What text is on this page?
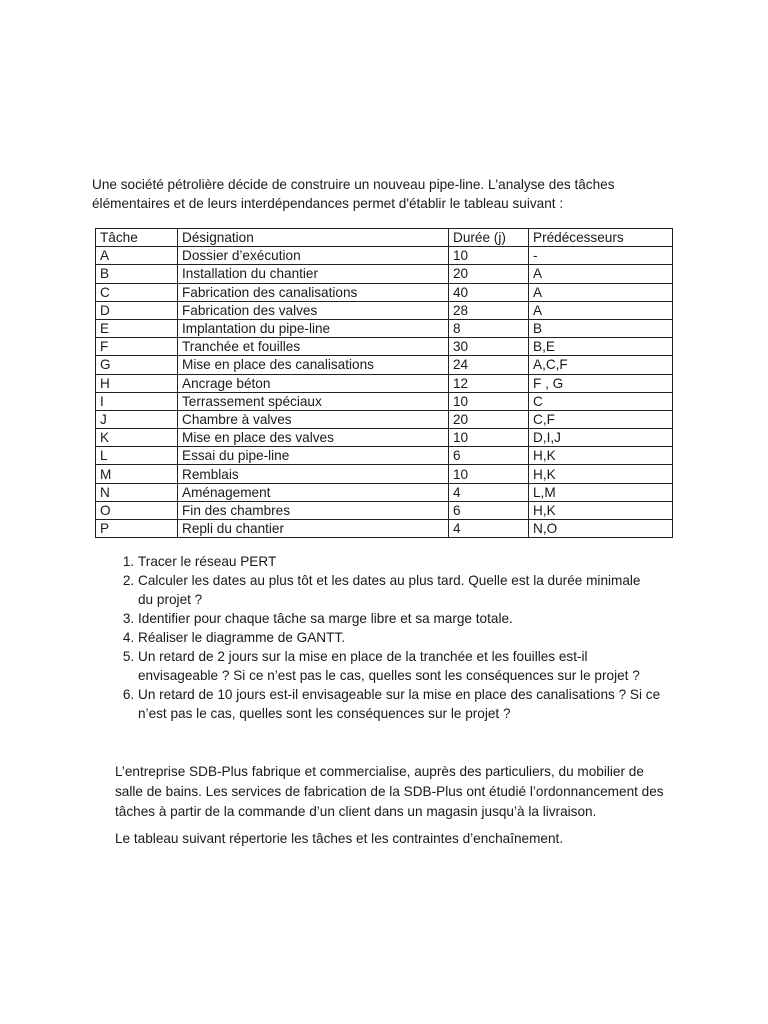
Une société pétrolière décide de construire un nouveau pipe-line. L'analyse des tâches
élémentaires et de leurs interdépendances permet d'établir le tableau suivant :

Tâche	Désignation	Durée (j)	Prédécesseurs
A	Dossier d’exécution	10	-
B	Installation du chantier	20	A
C	Fabrication des canalisations	40	A
D	Fabrication des valves	28	A
E	Implantation du pipe-line	8	B
F	Tranchée et fouilles	30	B,E
G	Mise en place des canalisations	24	A,C,F
H	Ancrage béton	12	F , G
I	Terrassement spéciaux	10	C
J	Chambre à valves	20	C,F
K	Mise en place des valves	10	D,I,J
L	Essai du pipe-line	6	H,K
M	Remblais	10	H,K
N	Aménagement	4	L,M
O	Fin des chambres	6	H,K
P	Repli du chantier	4	N,O
1. Tracer le réseau PERT
2. Calculer les dates au plus tôt et les dates au plus tard. Quelle est la durée minimale
du projet ?
3. Identifier pour chaque tâche sa marge libre et sa marge totale.
4. Réaliser le diagramme de GANTT.
5. Un retard de 2 jours sur la mise en place de la tranchée et les fouilles est-il
envisageable ? Si ce n’est pas le cas, quelles sont les conséquences sur le projet ?
6. Un retard de 10 jours est-il envisageable sur la mise en place des canalisations ? Si ce
n’est pas le cas, quelles sont les conséquences sur le projet ?

L’entreprise SDB-Plus fabrique et commercialise, auprès des particuliers, du mobilier de
salle de bains. Les services de fabrication de la SDB-Plus ont étudié l’ordonnancement des
tâches à partir de la commande d’un client dans un magasin jusqu’à la livraison.

Le tableau suivant répertorie les tâches et les contraintes d’enchaînement.
